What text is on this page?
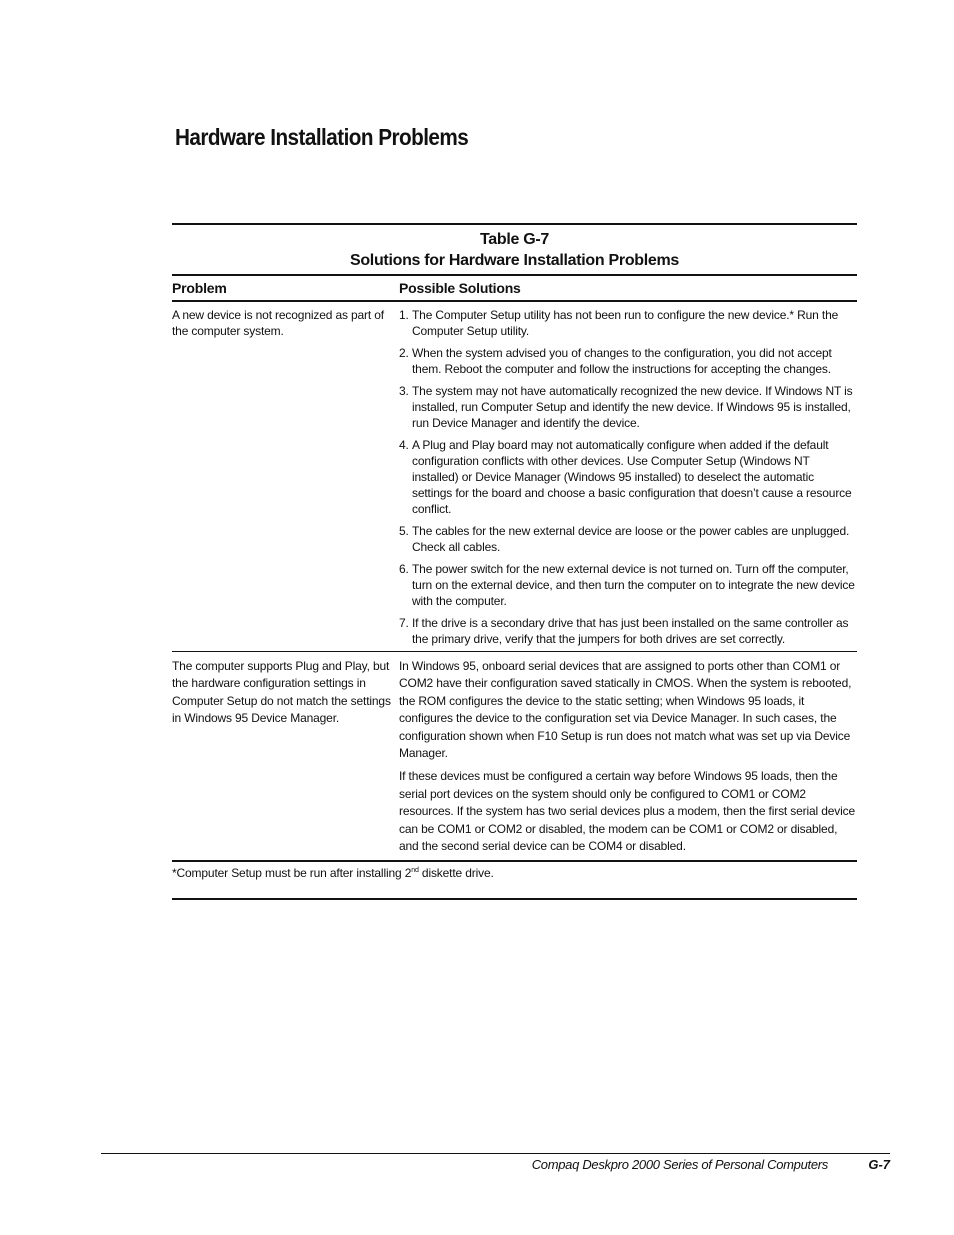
Hardware Installation Problems
Table G-7
Solutions for Hardware Installation Problems
Problem	Possible Solutions
A new device is not recognized as part of the computer system.
1. The Computer Setup utility has not been run to configure the new device.* Run the Computer Setup utility.
2. When the system advised you of changes to the configuration, you did not accept them. Reboot the computer and follow the instructions for accepting the changes.
3. The system may not have automatically recognized the new device. If Windows NT is installed, run Computer Setup and identify the new device. If Windows 95 is installed, run Device Manager and identify the device.
4. A Plug and Play board may not automatically configure when added if the default configuration conflicts with other devices. Use Computer Setup (Windows NT installed) or Device Manager (Windows 95 installed) to deselect the automatic settings for the board and choose a basic configuration that doesn’t cause a resource conflict.
5. The cables for the new external device are loose or the power cables are unplugged. Check all cables.
6. The power switch for the new external device is not turned on. Turn off the computer, turn on the external device, and then turn the computer on to integrate the new device with the computer.
7. If the drive is a secondary drive that has just been installed on the same controller as the primary drive, verify that the jumpers for both drives are set correctly.
The computer supports Plug and Play, but the hardware configuration settings in Computer Setup do not match the settings in Windows 95 Device Manager.

In Windows 95, onboard serial devices that are assigned to ports other than COM1 or COM2 have their configuration saved statically in CMOS. When the system is rebooted, the ROM configures the device to the static setting; when Windows 95 loads, it configures the device to the configuration set via Device Manager. In such cases, the configuration shown when F10 Setup is run does not match what was set up via Device Manager.

If these devices must be configured a certain way before Windows 95 loads, then the serial port devices on the system should only be configured to COM1 or COM2 resources. If the system has two serial devices plus a modem, then the first serial device can be COM1 or COM2 or disabled, the modem can be COM1 or COM2 or disabled, and the second serial device can be COM4 or disabled.

*Computer Setup must be run after installing 2nd diskette drive.
Compaq Deskpro 2000 Series of Personal Computers	G-7
